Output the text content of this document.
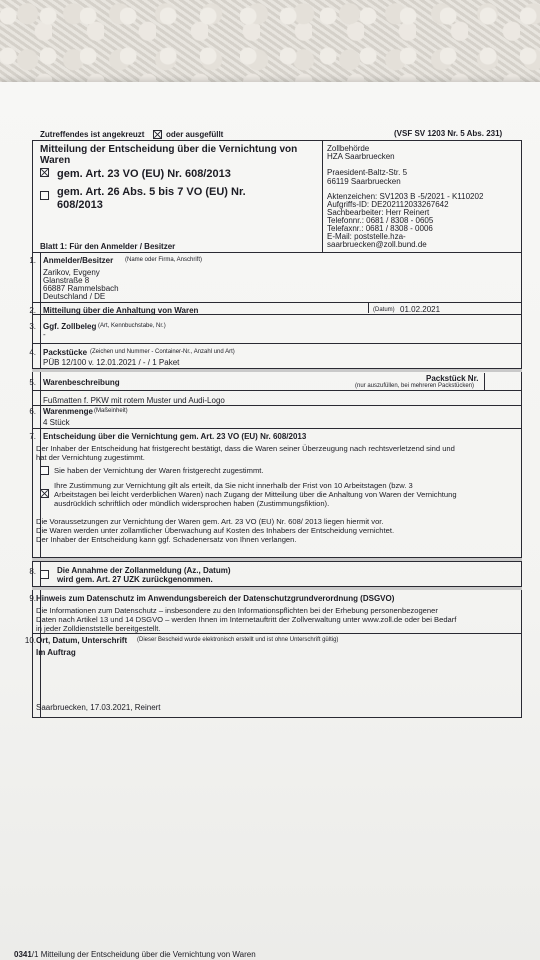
Zutreffendes ist angekreuzt	oder ausgefüllt	(VSF SV 1203 Nr. 5 Abs. 231)
Mitteilung der Entscheidung über die Vernichtung von
Waren
gem. Art. 23 VO (EU) Nr. 608/2013
gem. Art. 26 Abs. 5 bis 7 VO (EU) Nr.
608/2013
Blatt 1: Für den Anmelder / Besitzer
Zollbehörde
HZA Saarbruecken
Praesident-Baltz-Str. 5
66119 Saarbruecken
Aktenzeichen: SV1203 B -5/2021 - K110202
Aufgriffs-ID: DE202112033267642
Sachbearbeiter: Herr Reinert
Telefonnr.: 0681 / 8308 - 0605
Telefaxnr.: 0681 / 8308 - 0006
E-Mail: poststelle.hza-
saarbruecken@zoll.bund.de
1. Anmelder/Besitzer (Name oder Firma, Anschrift)
Zarikov, Evgeny
Glanstraße 8
66887 Rammelsbach
Deutschland / DE
2. Mitteilung über die Anhaltung von Waren	(Datum) 01.02.2021
3. Ggf. Zollbeleg (Art, Kennbuchstabe, Nr.)
-
4. Packstücke (Zeichen und Nummer - Container-Nr., Anzahl und Art)
PÜB 12/100 v. 12.01.2021 / - / 1 Paket
5. Warenbeschreibung	Packstück Nr.
(nur auszufüllen, bei mehreren Packstücken)
Fußmatten f. PKW mit rotem Muster und Audi-Logo
6. Warenmenge (Maßeinheit)
4 Stück
7. Entscheidung über die Vernichtung gem. Art. 23 VO (EU) Nr. 608/2013
Der Inhaber der Entscheidung hat fristgerecht bestätigt, dass die Waren seiner Überzeugung nach rechtsverletzend sind und
hat der Vernichtung zugestimmt.
Sie haben der Vernichtung der Waren fristgerecht zugestimmt.
Ihre Zustimmung zur Vernichtung gilt als erteilt, da Sie nicht innerhalb der Frist von 10 Arbeitstagen (bzw. 3
Arbeitstagen bei leicht verderblichen Waren) nach Zugang der Mitteilung über die Anhaltung von Waren der Vernichtung
ausdrücklich schriftlich oder mündlich widersprochen haben (Zustimmungsfiktion).
Die Voraussetzungen zur Vernichtung der Waren gem. Art. 23 VO (EU) Nr. 608/ 2013 liegen hiermit vor.
Die Waren werden unter zollamtlicher Überwachung auf Kosten des Inhabers der Entscheidung vernichtet.
Der Inhaber der Entscheidung kann ggf. Schadenersatz von Ihnen verlangen.
8.	Die Annahme der Zollanmeldung (Az., Datum)
wird gem. Art. 27 UZK zurückgenommen.
9. Hinweis zum Datenschutz im Anwendungsbereich der Datenschutzgrundverordnung (DSGVO)
Die Informationen zum Datenschutz – insbesondere zu den Informationspflichten bei der Erhebung personenbezogener
Daten nach Artikel 13 und 14 DSGVO – werden Ihnen im Internetauftritt der Zollverwaltung unter www.zoll.de oder bei Bedarf
in jeder Zolldienststelle bereitgestellt.
10. Ort, Datum, Unterschrift (Dieser Bescheid wurde elektronisch erstellt und ist ohne Unterschrift gültig)
Im Auftrag
Saarbruecken, 17.03.2021, Reinert
0341/1 Mitteilung der Entscheidung über die Vernichtung von Waren
